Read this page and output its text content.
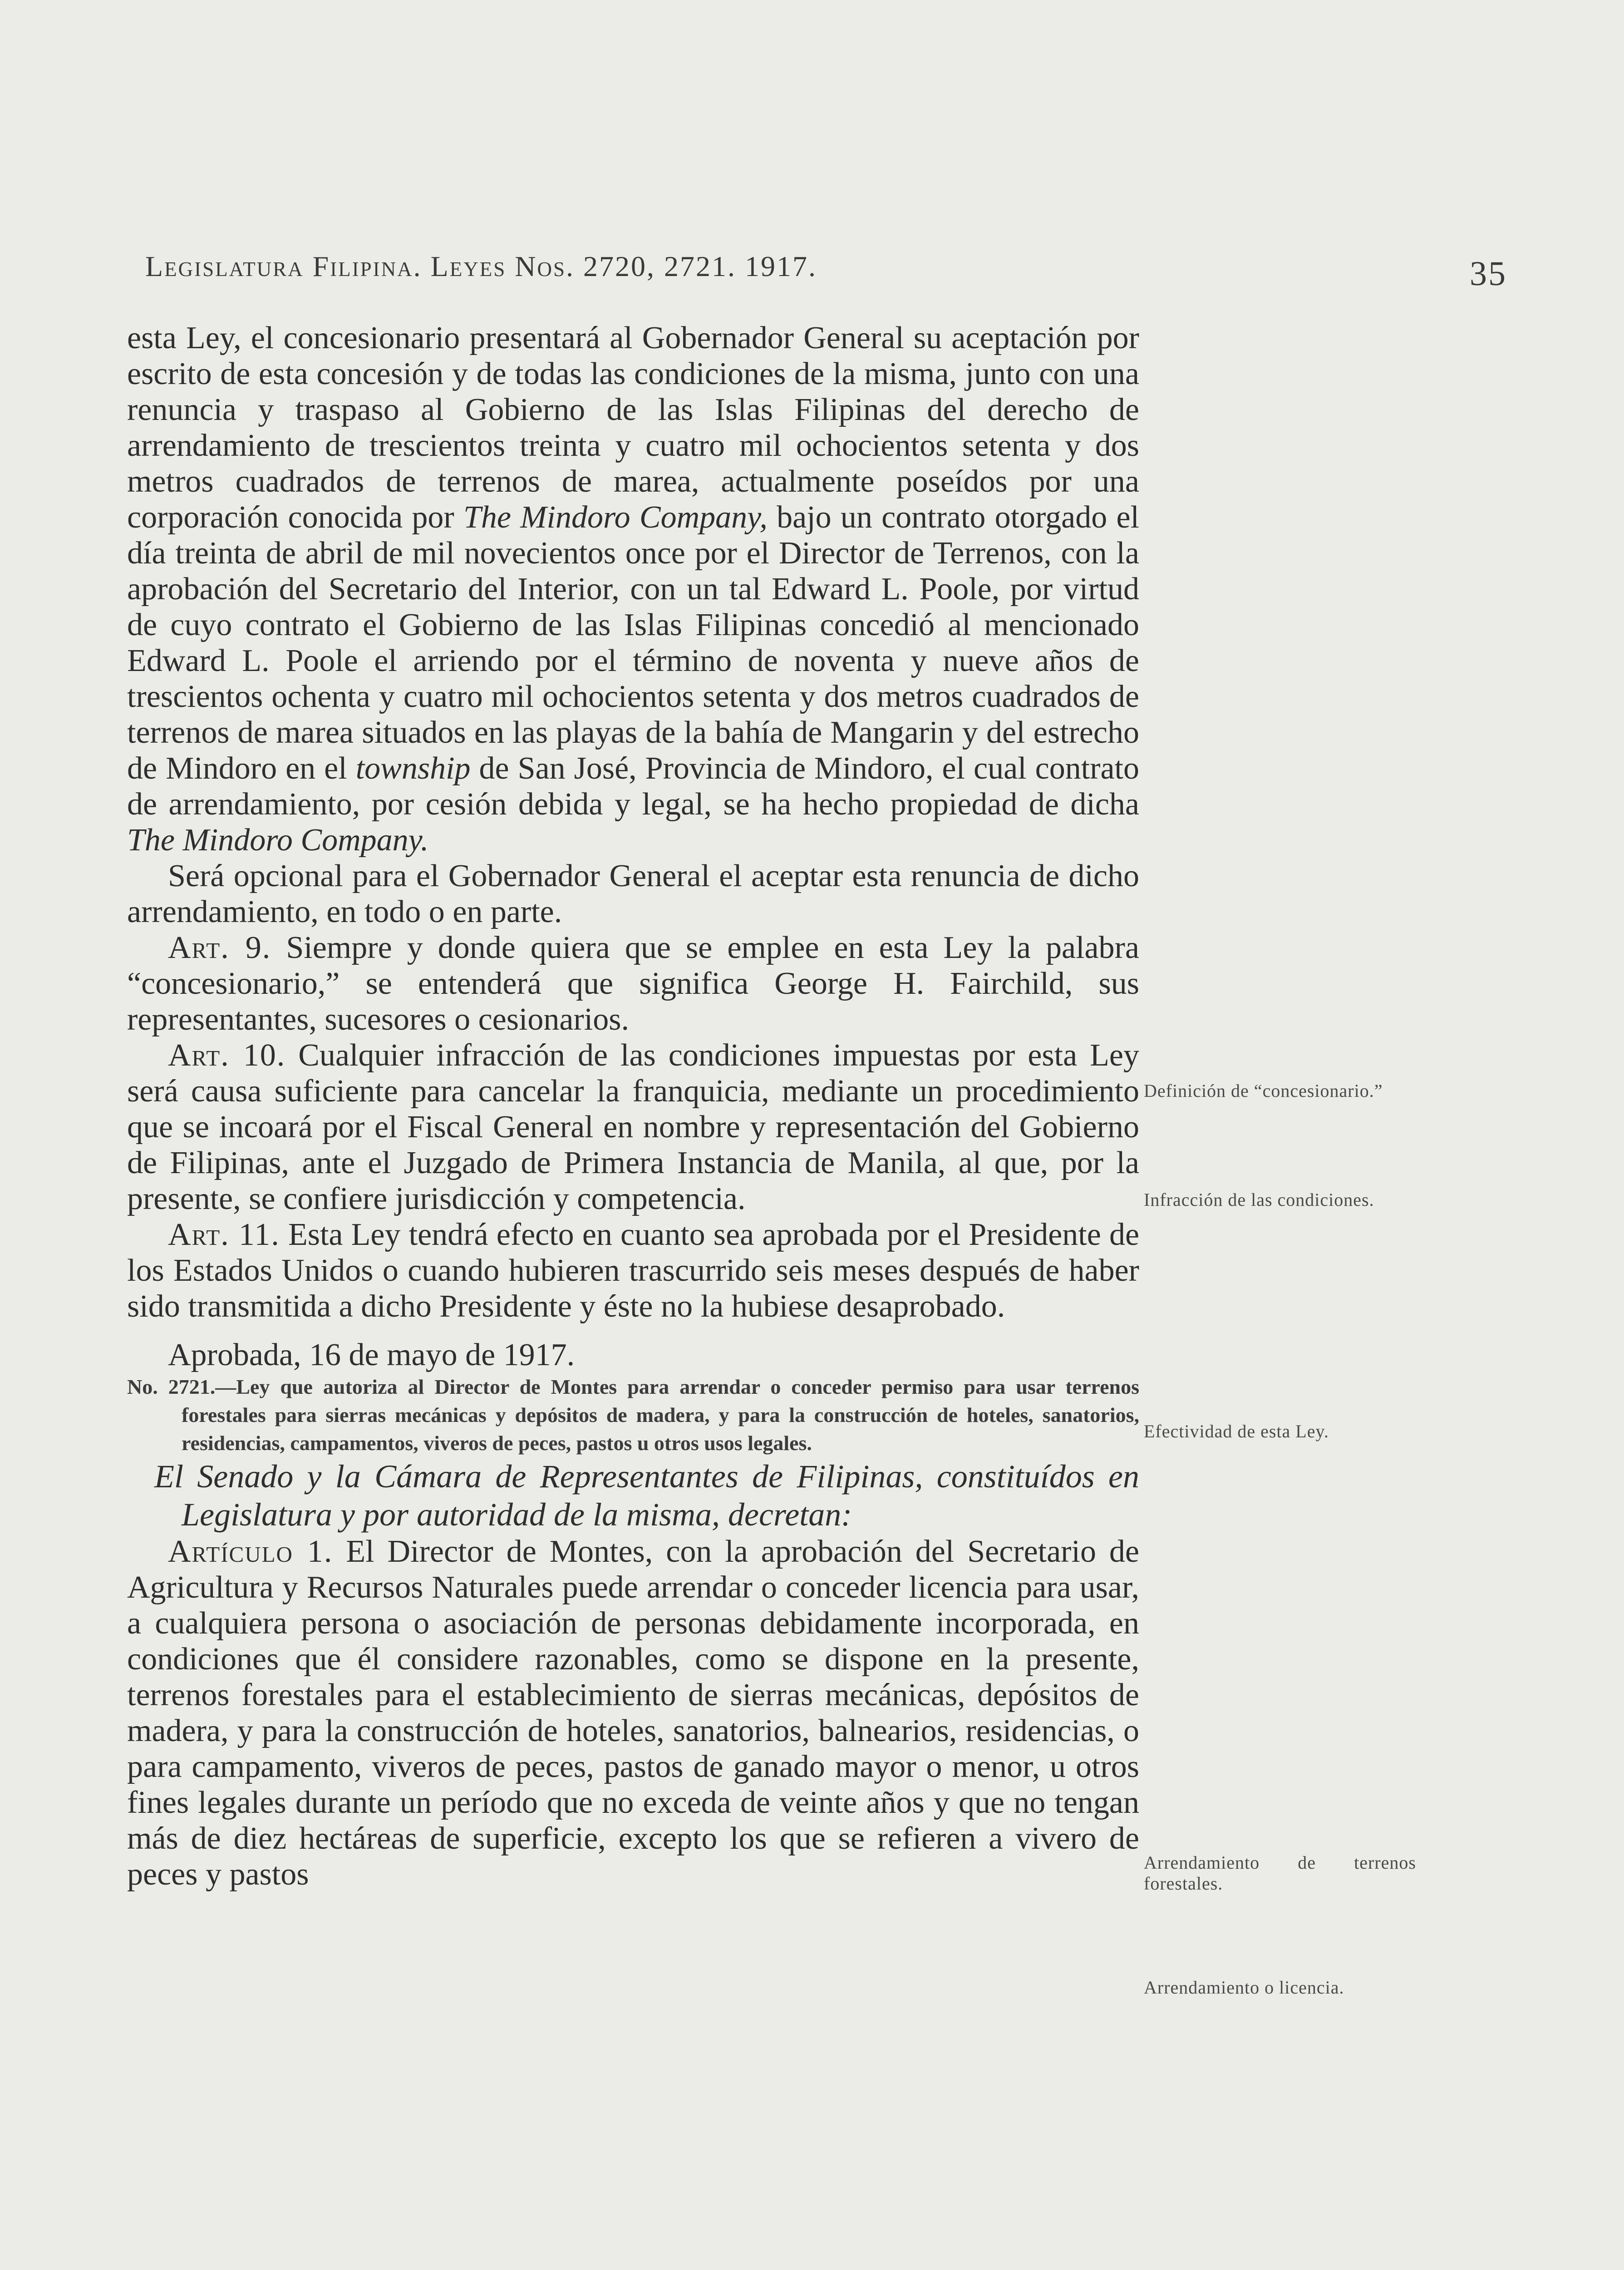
Legislatura Filipina. Leyes Nos. 2720, 2721. 1917.	35

esta Ley, el concesionario presentará al Gobernador General su aceptación por escrito de esta concesión y de todas las condiciones de la misma, junto con una renuncia y traspaso al Gobierno de las Islas Filipinas del derecho de arrendamiento de trescientos treinta y cuatro mil ochocientos setenta y dos metros cuadrados de terrenos de marea, actualmente poseídos por una corporación conocida por The Mindoro Company, bajo un contrato otorgado el día treinta de abril de mil novecientos once por el Director de Terrenos, con la aprobación del Secretario del Interior, con un tal Edward L. Poole, por virtud de cuyo contrato el Gobierno de las Islas Filipinas concedió al mencionado Edward L. Poole el arriendo por el término de noventa y nueve años de trescientos ochenta y cuatro mil ochocientos setenta y dos metros cuadrados de terrenos de marea situados en las playas de la bahía de Mangarin y del estrecho de Mindoro en el township de San José, Provincia de Mindoro, el cual contrato de arrendamiento, por cesión debida y legal, se ha hecho propiedad de dicha The Mindoro Company.

Será opcional para el Gobernador General el aceptar esta renuncia de dicho arrendamiento, en todo o en parte.

Art. 9. Siempre y donde quiera que se emplee en esta Ley la palabra “concesionario,” se entenderá que significa George H. Fairchild, sus representantes, sucesores o cesionarios.

Art. 10. Cualquier infracción de las condiciones impuestas por esta Ley será causa suficiente para cancelar la franquicia, mediante un procedimiento que se incoará por el Fiscal General en nombre y representación del Gobierno de Filipinas, ante el Juzgado de Primera Instancia de Manila, al que, por la presente, se confiere jurisdicción y competencia.

Art. 11. Esta Ley tendrá efecto en cuanto sea aprobada por el Presidente de los Estados Unidos o cuando hubieren trascurrido seis meses después de haber sido transmitida a dicho Presidente y éste no la hubiese desaprobado.

Aprobada, 16 de mayo de 1917.

No. 2721.—Ley que autoriza al Director de Montes para arrendar o conceder permiso para usar terrenos forestales para sierras mecánicas y depósitos de madera, y para la construcción de hoteles, sanatorios, residencias, campamentos, viveros de peces, pastos u otros usos legales.

El Senado y la Cámara de Representantes de Filipinas, constituídos en Legislatura y por autoridad de la misma, decretan:

Artículo 1. El Director de Montes, con la aprobación del Secretario de Agricultura y Recursos Naturales puede arrendar o conceder licencia para usar, a cualquiera persona o asociación de personas debidamente incorporada, en condiciones que él considere razonables, como se dispone en la presente, terrenos forestales para el establecimiento de sierras mecánicas, depósitos de madera, y para la construcción de hoteles, sanatorios, balnearios, residencias, o para campamento, viveros de peces, pastos de ganado mayor o menor, u otros fines legales durante un período que no exceda de veinte años y que no tengan más de diez hectáreas de superficie, excepto los que se refieren a vivero de peces y pastos

Definición de “concesionario.”
Infracción de las condiciones.
Efectividad de esta Ley.
Arrendamiento de terrenos forestales.
Arrendamiento o licencia.
